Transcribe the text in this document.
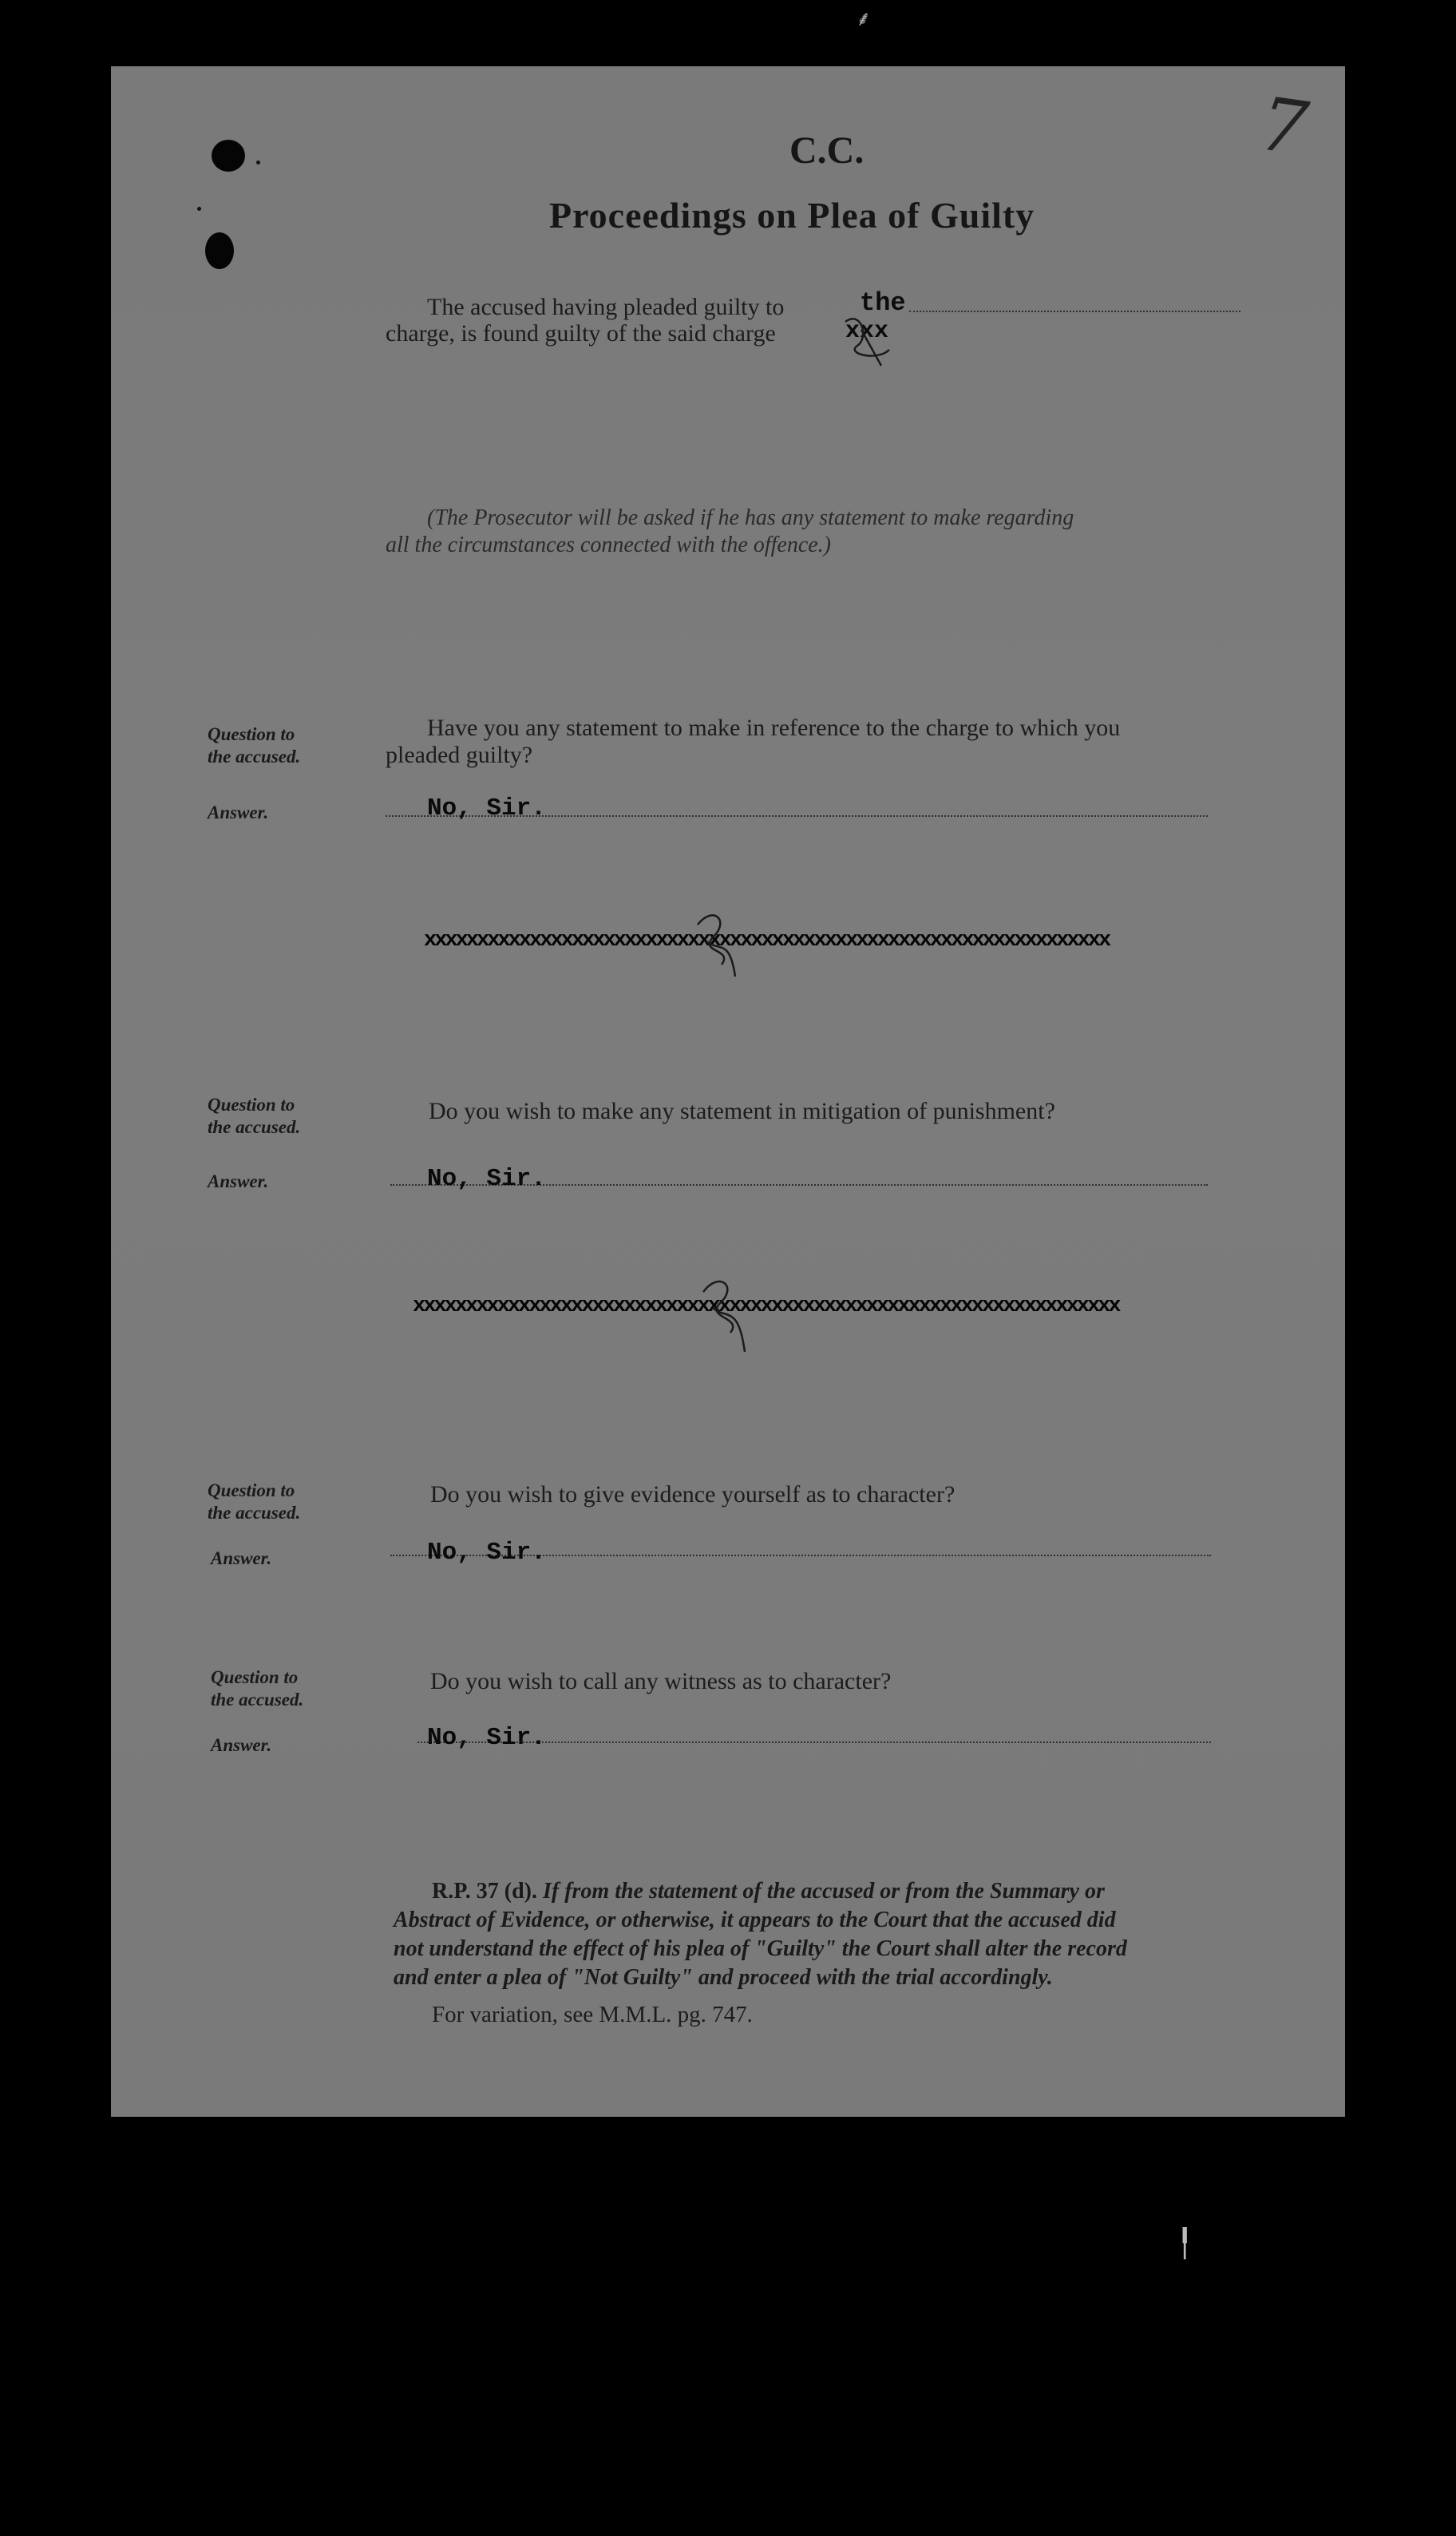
⸙
╿
7
C.C.
Proceedings on Plea of Guilty
The accused having pleaded guilty to	the
charge, is found guilty of the said charge	xxx
(The Prosecutor will be asked if he has any statement to make regarding
all the circumstances connected with the offence.)
Question to
the accused.
Have you any statement to make in reference to the charge to which you
pleaded guilty?
Answer.	No, Sir.
xxxxxxxxxxxxxxxxxxxxxxxxxxxxxxxxxxxxxxxxxxxxxxxxxxxxxxxxxxxxxxxxx
Question to
the accused.
Do you wish to make any statement in mitigation of punishment?
Answer.	No, Sir.
xxxxxxxxxxxxxxxxxxxxxxxxxxxxxxxxxxxxxxxxxxxxxxxxxxxxxxxxxxxxxxxxxxx
Question to
the accused.
Do you wish to give evidence yourself as to character?
Answer.	No, Sir.
Question to
the accused.
Do you wish to call any witness as to character?
Answer.	No, Sir.
R.P. 37 (d). If from the statement of the accused or from the Summary or
Abstract of Evidence, or otherwise, it appears to the Court that the accused did
not understand the effect of his plea of "Guilty" the Court shall alter the record
and enter a plea of "Not Guilty" and proceed with the trial accordingly.
For variation, see M.M.L. pg. 747.
